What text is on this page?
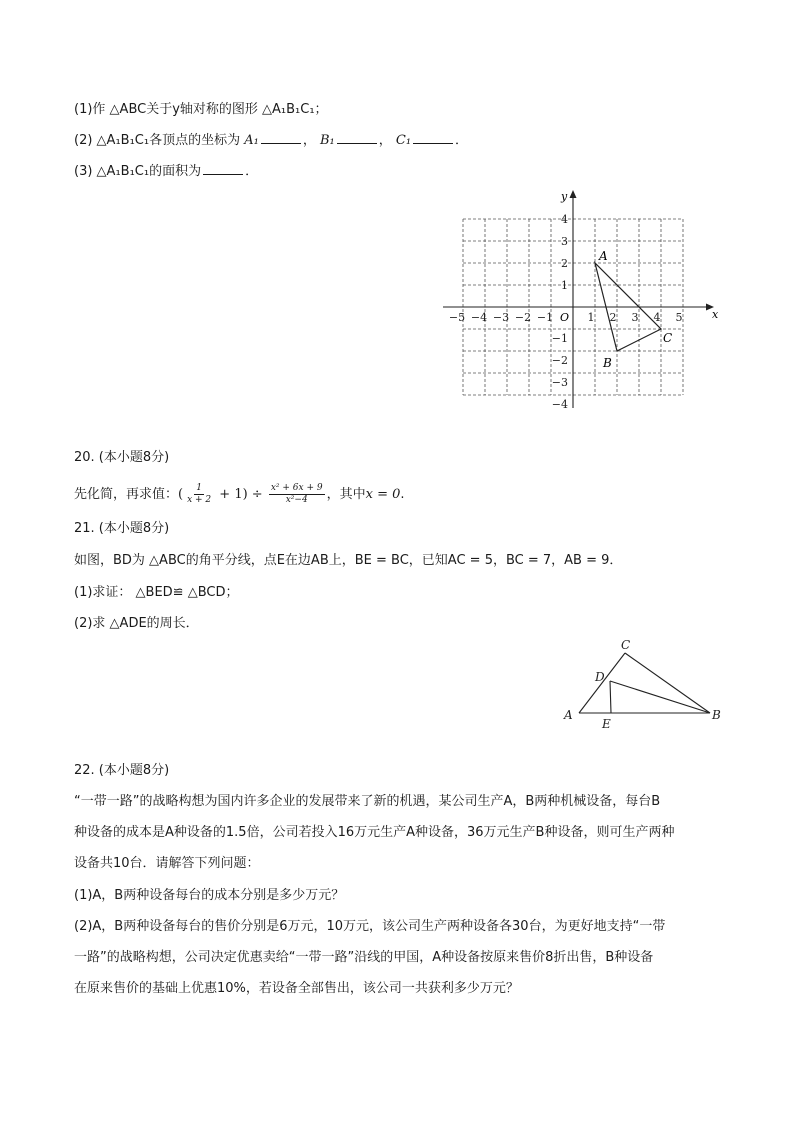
(1)作 △ABC关于y轴对称的图形 △A₁B₁C₁；
(2) △A₁B₁C₁各顶点的坐标为 A₁	， B₁	， C₁	．
(3) △A₁B₁C₁的面积为	．
x
y
O
−5 −4 −3 −2 −1	1 2 3 4 5
4
3
2
1
−1
−2
−3
−4
A
B
C
20. (本小题8分)
先化简，再求值：( $\frac{1}{x + 2} + 1) \div \frac{\text{x² + 6x + 9}}{\text{x²−4}}$ ，其中x = 0.
21. (本小题8分)
如图，BD为 △ABC的角平分线，点E在边AB上，BE = BC，已知AC = 5，BC = 7，AB = 9．
(1)求证： △BED≌ △BCD；
(2)求 △ADE的周长．
A	B
C
D
E
22. (本小题8分)
“一带一路”的战略构想为国内许多企业的发展带来了新的机遇，某公司生产A，B两种机械设备，每台B
种设备的成本是A种设备的1.5倍，公司若投入16万元生产A种设备，36万元生产B种设备，则可生产两种
设备共10台．请解答下列问题：
(1)A，B两种设备每台的成本分别是多少万元？
(2)A，B两种设备每台的售价分别是6万元，10万元，该公司生产两种设备各30台，为更好地支持“一带
一路”的战略构想，公司决定优惠卖给“一带一路”沿线的甲国，A种设备按原来售价8折出售，B种设备
在原来售价的基础上优惠10%，若设备全部售出，该公司一共获利多少万元？
